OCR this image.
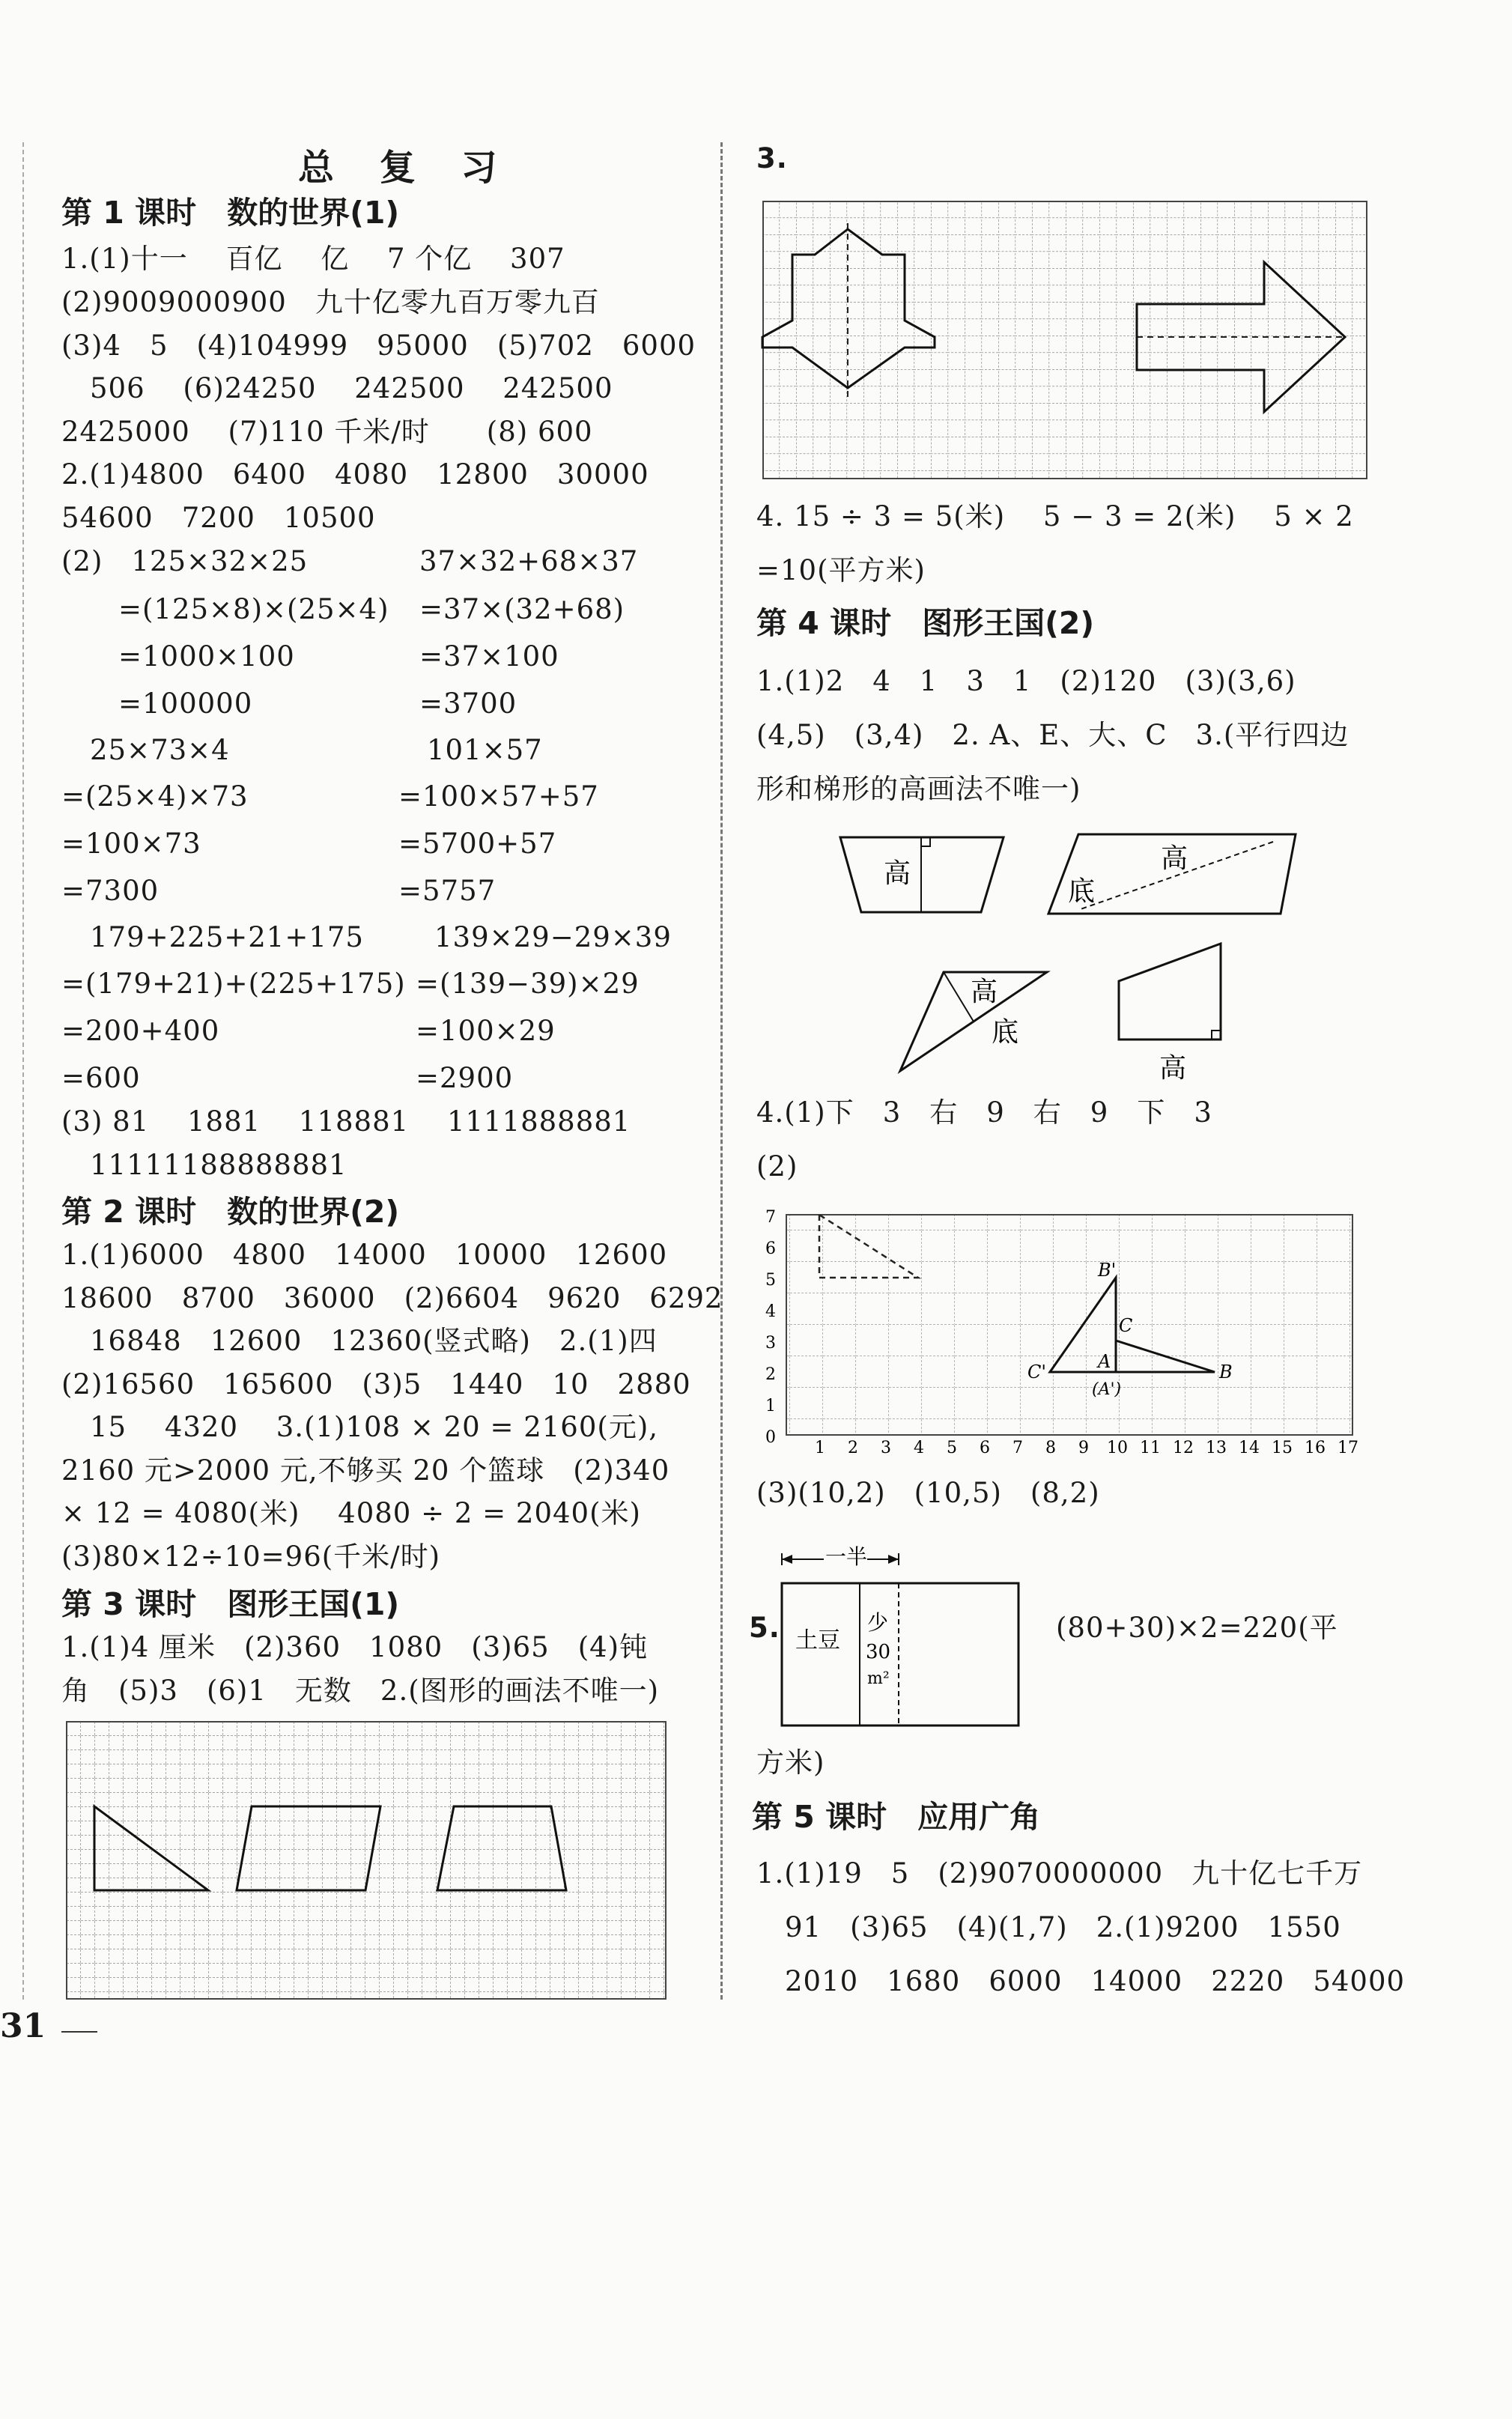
总 复 习
第 1 课时　数的世界(1)
1.(1)十一　 百亿　 亿　 7 个亿　 307
(2)9009000900　九十亿零九百万零九百
(3)4　5　(4)104999　95000　(5)702　6000
　506　 (6)24250　 242500　 242500
2425000　 (7)110 千米/时　　(8) 600
2.(1)4800　6400　4080　12800　30000
54600　7200　10500
(2)　125×32×25	37×32+68×37
　　=(125×8)×(25×4) =37×(32+68)
　　=1000×100	=37×100
　　=100000	=3700
　25×73×4	101×57
=(25×4)×73	=100×57+57
=100×73	=5700+57
=7300	=5757
　179+225+21+175	139×29−29×39
=(179+21)+(225+175) =(139−39)×29
=200+400	=100×29
=600	=2900
(3) 81　 1881　 118881　 1111888881
　11111188888881
第 2 课时　数的世界(2)
1.(1)6000　4800　14000　10000　12600
18600　8700　36000　(2)6604　9620　6292
　16848　12600　12360(竖式略)　2.(1)四
(2)16560　165600　(3)5　1440　10　2880
　15　 4320　 3.(1)108 × 20 = 2160(元),
2160 元>2000 元,不够买 20 个篮球　(2)340
× 12 = 4080(米)　 4080 ÷ 2 = 2040(米)
(3)80×12÷10=96(千米/时)
第 3 课时　图形王国(1)
1.(1)4 厘米　(2)360　1080　(3)65　(4)钝
角　(5)3　(6)1　无数　2.(图形的画法不唯一)
3.
4. 15 ÷ 3 = 5(米)　 5 − 3 = 2(米)　 5 × 2
=10(平方米)
第 4 课时　图形王国(2)
1.(1)2　4　1　3　1　(2)120　(3)(3,6)
(4,5)　(3,4)　2. A、E、大、C　3.(平行四边
形和梯形的高画法不唯一)
高	高
底
高
底
高
4.(1)下　3　右　9　右　9　下　3
(2)
0
1
2
3
4
5
6
7
1 2 3 4 5 6 7 8 9 10 11 12 13 14 15 16 17
B'
C
C'	A
(A')
B
(3)(10,2)　(10,5)　(8,2)
5.
一半
土豆
少
30
m²
(80+30)×2=220(平
方米)
第 5 课时　应用广角
1.(1)19　5　(2)9070000000　九十亿七千万
　91　(3)65　(4)(1,7)　2.(1)9200　1550
　2010　1680　6000　14000　2220　54000
31
